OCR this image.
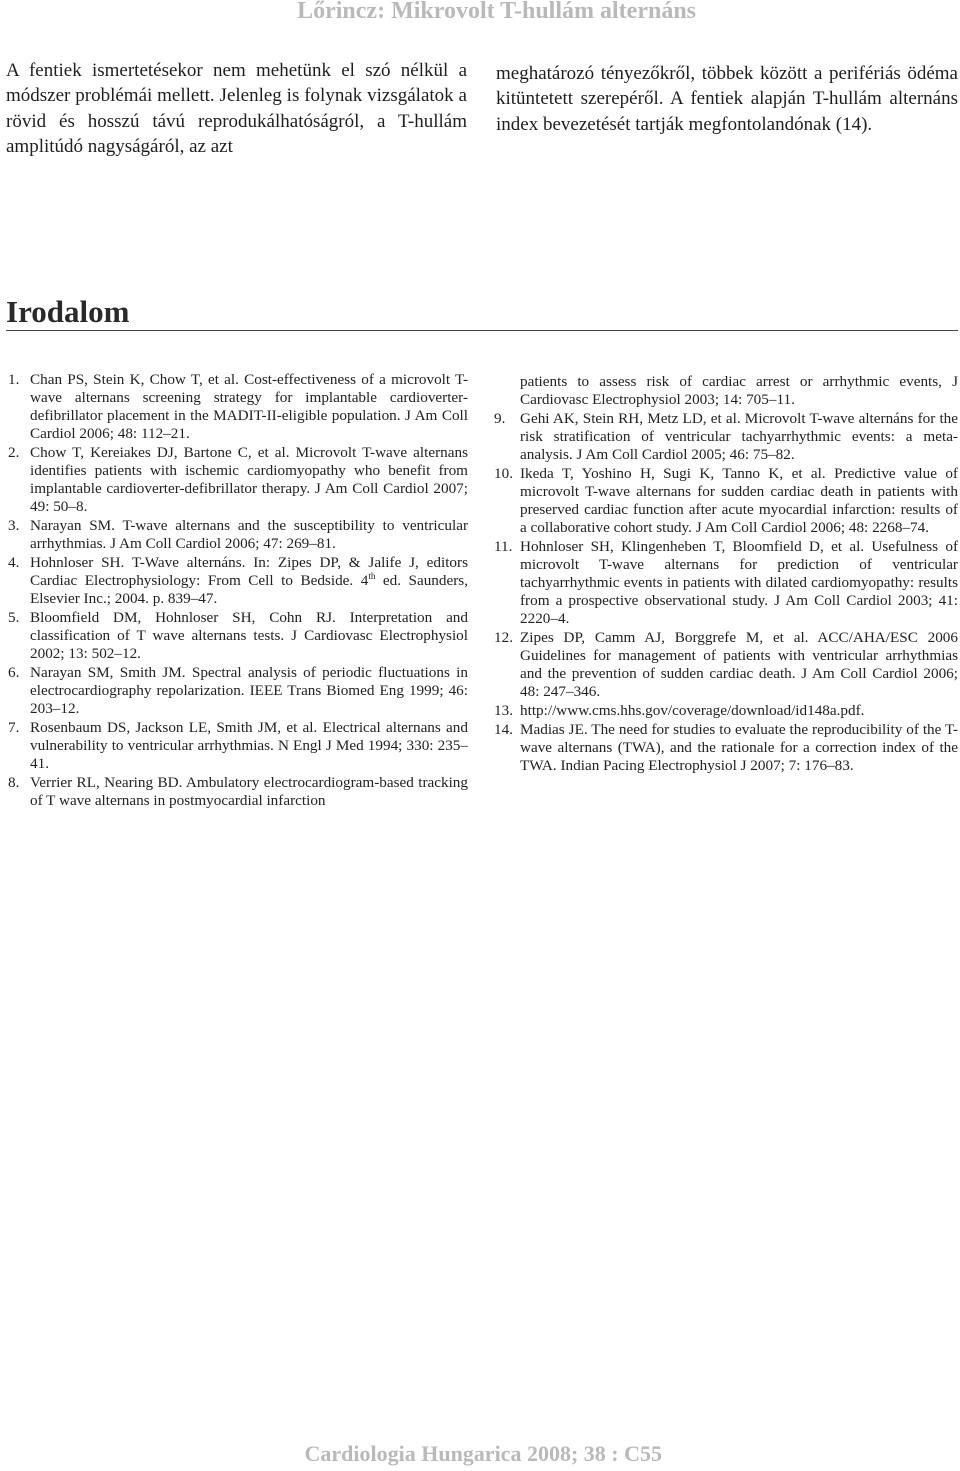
Lőrincz: Mikrovolt T-hullám alternáns

A fentiek ismertetésekor nem mehetünk el szó nélkül a módszer problémái mellett. Jelenleg is folynak vizsgálatok a rövid és hosszú távú reprodukálhatóságról, a T-hullám amplitúdó nagyságáról, az azt

meghatározó tényezőkről, többek között a perifériás ödéma kitüntetett szerepéről. A fentiek alapján T-hullám alternáns index bevezetését tartják megfontolandónak (14).

Irodalom
1. Chan PS, Stein K, Chow T, et al. Cost-effectiveness of a microvolt T-wave alternans screening strategy for implantable cardioverter-defibrillator placement in the MADIT-II-eligible population. J Am Coll Cardiol 2006; 48: 112–21.
2. Chow T, Kereiakes DJ, Bartone C, et al. Microvolt T-wave alternans identifies patients with ischemic cardiomyopathy who benefit from implantable cardioverter-defibrillator therapy. J Am Coll Cardiol 2007; 49: 50–8.
3. Narayan SM. T-wave alternans and the susceptibility to ventricular arrhythmias. J Am Coll Cardiol 2006; 47: 269–81.
4. Hohnloser SH. T-Wave alternáns. In: Zipes DP, & Jalife J, editors Cardiac Electrophysiology: From Cell to Bedside. 4th ed. Saunders, Elsevier Inc.; 2004. p. 839–47.
5. Bloomfield DM, Hohnloser SH, Cohn RJ. Interpretation and classification of T wave alternans tests. J Cardiovasc Electrophysiol 2002; 13: 502–12.
6. Narayan SM, Smith JM. Spectral analysis of periodic fluctuations in electrocardiography repolarization. IEEE Trans Biomed Eng 1999; 46: 203–12.
7. Rosenbaum DS, Jackson LE, Smith JM, et al. Electrical alternans and vulnerability to ventricular arrhythmias. N Engl J Med 1994; 330: 235–41.
8. Verrier RL, Nearing BD. Ambulatory electrocardiogram-based tracking of T wave alternans in postmyocardial infarction
patients to assess risk of cardiac arrest or arrhythmic events, J Cardiovasc Electrophysiol 2003; 14: 705–11.
9. Gehi AK, Stein RH, Metz LD, et al. Microvolt T-wave alternáns for the risk stratification of ventricular tachyarrhythmic events: a meta-analysis. J Am Coll Cardiol 2005; 46: 75–82.
10. Ikeda T, Yoshino H, Sugi K, Tanno K, et al. Predictive value of microvolt T-wave alternans for sudden cardiac death in patients with preserved cardiac function after acute myocardial infarction: results of a collaborative cohort study. J Am Coll Cardiol 2006; 48: 2268–74.
11. Hohnloser SH, Klingenheben T, Bloomfield D, et al. Usefulness of microvolt T-wave alternans for prediction of ventricular tachyarrhythmic events in patients with dilated cardiomyopathy: results from a prospective observational study. J Am Coll Cardiol 2003; 41: 2220–4.
12. Zipes DP, Camm AJ, Borggrefe M, et al. ACC/AHA/ESC 2006 Guidelines for management of patients with ventricular arrhythmias and the prevention of sudden cardiac death. J Am Coll Cardiol 2006; 48: 247–346.
13. http://www.cms.hhs.gov/coverage/download/id148a.pdf.
14. Madias JE. The need for studies to evaluate the reproducibility of the T-wave alternans (TWA), and the rationale for a correction index of the TWA. Indian Pacing Electrophysiol J 2007; 7: 176–83.
Cardiologia Hungarica 2008; 38 : C55
